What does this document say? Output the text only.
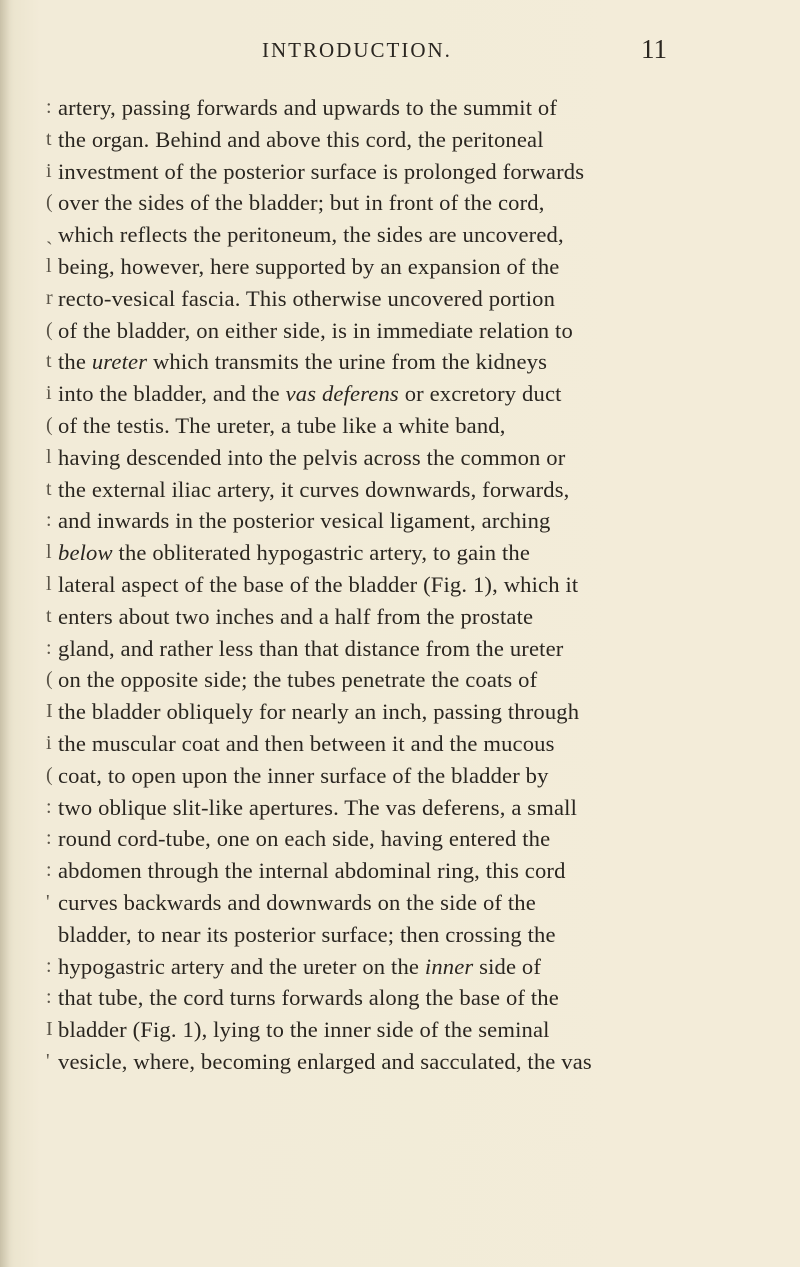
INTRODUCTION.	11
: artery, passing forwards and upwards to the summit of
t the organ. Behind and above this cord, the peritoneal
i investment of the posterior surface is prolonged forwards
( over the sides of the bladder; but in front of the cord,
ˎ which reflects the peritoneum, the sides are uncovered,
l being, however, here supported by an expansion of the
r recto-vesical fascia. This otherwise uncovered portion
( of the bladder, on either side, is in immediate relation to
t the ureter which transmits the urine from the kidneys
i into the bladder, and the vas deferens or excretory duct
( of the testis. The ureter, a tube like a white band,
l having descended into the pelvis across the common or
t the external iliac artery, it curves downwards, forwards,
: and inwards in the posterior vesical ligament, arching
l below the obliterated hypogastric artery, to gain the
l lateral aspect of the base of the bladder (Fig. 1), which it
t enters about two inches and a half from the prostate
: gland, and rather less than that distance from the ureter
( on the opposite side; the tubes penetrate the coats of
I the bladder obliquely for nearly an inch, passing through
i the muscular coat and then between it and the mucous
( coat, to open upon the inner surface of the bladder by
: two oblique slit-like apertures. The vas deferens, a small
: round cord-tube, one on each side, having entered the
: abdomen through the internal abdominal ring, this cord
' curves backwards and downwards on the side of the
bladder, to near its posterior surface; then crossing the
: hypogastric artery and the ureter on the inner side of
: that tube, the cord turns forwards along the base of the
I bladder (Fig. 1), lying to the inner side of the seminal
' vesicle, where, becoming enlarged and sacculated, the vas
